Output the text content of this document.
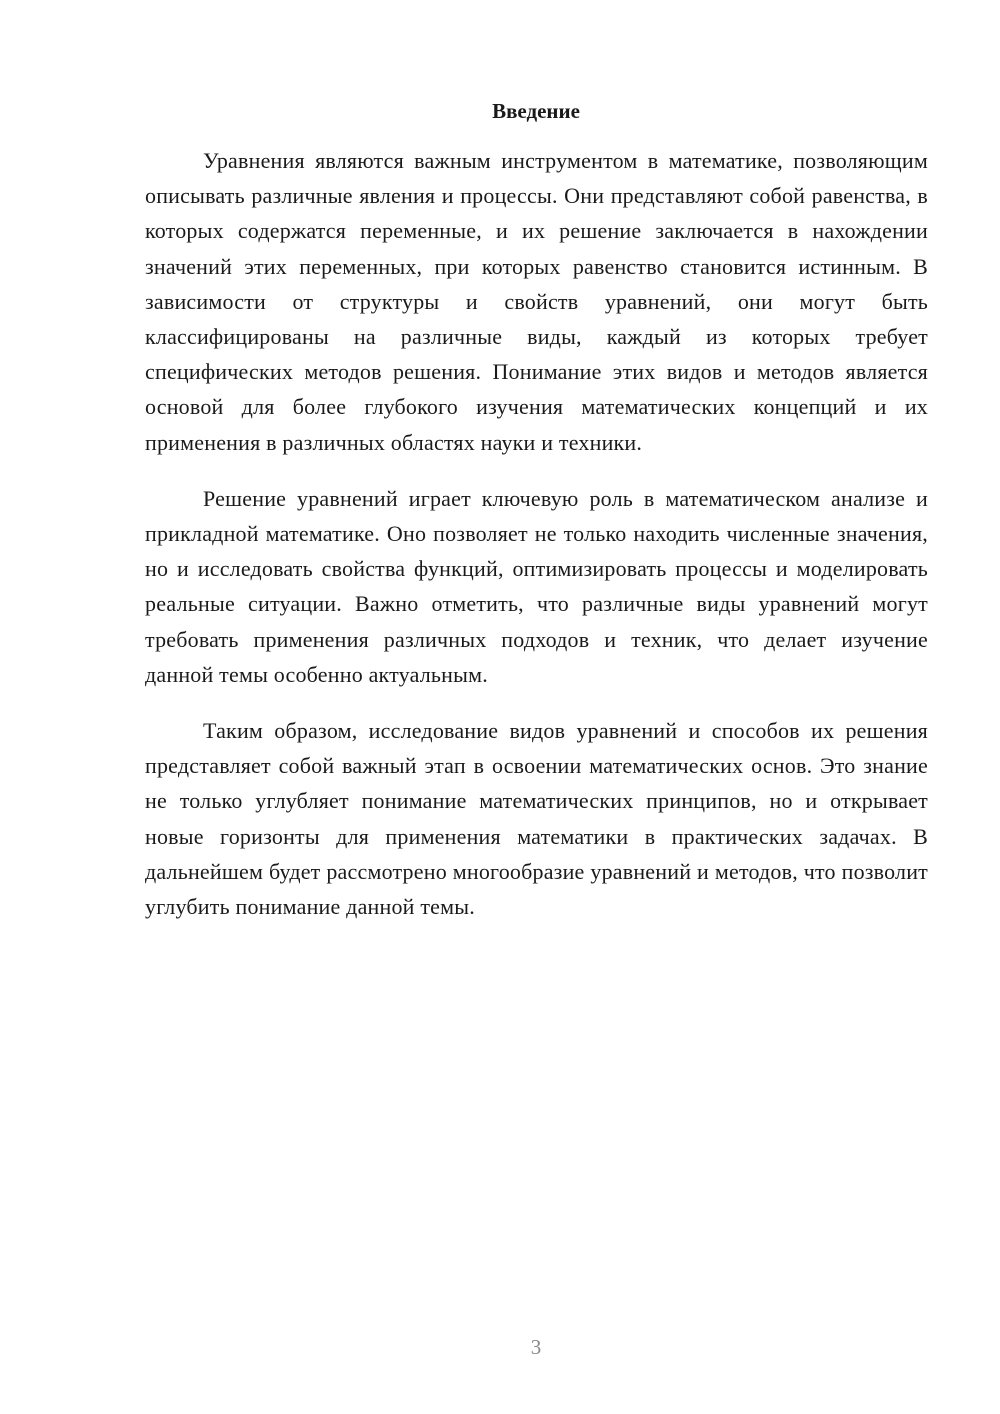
Введение

Уравнения являются важным инструментом в математике, позволяющим описывать различные явления и процессы. Они представляют собой равенства, в которых содержатся переменные, и их решение заключается в нахождении значений этих переменных, при которых равенство становится истинным. В зависимости от структуры и свойств уравнений, они могут быть классифицированы на различные виды, каждый из которых требует специфических методов решения. Понимание этих видов и методов является основой для более глубокого изучения математических концепций и их применения в различных областях науки и техники.

Решение уравнений играет ключевую роль в математическом анализе и прикладной математике. Оно позволяет не только находить численные значения, но и исследовать свойства функций, оптимизировать процессы и моделировать реальные ситуации. Важно отметить, что различные виды уравнений могут требовать применения различных подходов и техник, что делает изучение данной темы особенно актуальным.

Таким образом, исследование видов уравнений и способов их решения представляет собой важный этап в освоении математических основ. Это знание не только углубляет понимание математических принципов, но и открывает новые горизонты для применения математики в практических задачах. В дальнейшем будет рассмотрено многообразие уравнений и методов, что позволит углубить понимание данной темы.

3
